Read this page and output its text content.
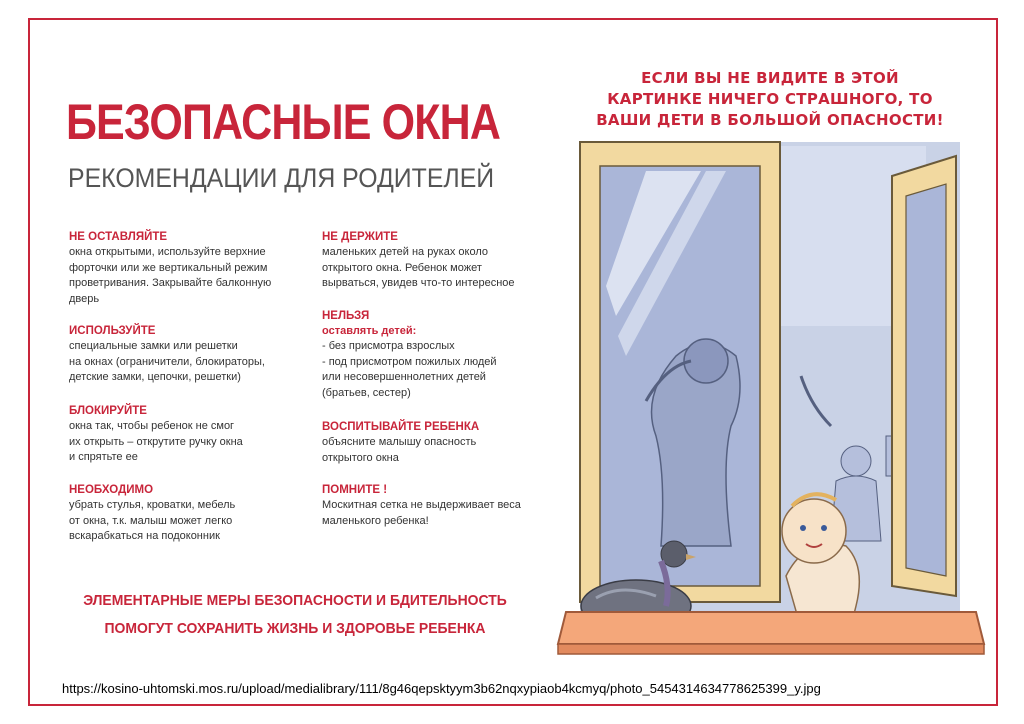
БЕЗОПАСНЫЕ ОКНА
РЕКОМЕНДАЦИИ ДЛЯ РОДИТЕЛЕЙ
НЕ ОСТАВЛЯЙТЕ
окна открытыми, используйте верхние
форточки или же вертикальный режим
проветривания. Закрывайте балконную
дверь
ИСПОЛЬЗУЙТЕ
специальные замки или решетки
на окнах (ограничители, блокираторы,
детские замки, цепочки, решетки)
БЛОКИРУЙТЕ
окна так, чтобы ребенок не смог
их открыть – открутите ручку окна
и спрятьте ее
НЕОБХОДИМО
убрать стулья, кроватки, мебель
от окна, т.к. малыш может легко
вскарабкаться на подоконник
НЕ ДЕРЖИТЕ
маленьких детей на руках около
открытого окна. Ребенок может
вырваться, увидев что-то интересное
НЕЛЬЗЯ
оставлять детей:
- без присмотра взрослых
- под присмотром пожилых людей
или несовершеннолетних детей
(братьев, сестер)
ВОСПИТЫВАЙТЕ РЕБЕНКА
объясните малышу опасность
открытого окна
ПОМНИТЕ !
Москитная сетка не выдерживает веса
маленького ребенка!
ЭЛЕМЕНТАРНЫЕ МЕРЫ БЕЗОПАСНОСТИ И БДИТЕЛЬНОСТЬ
ПОМОГУТ СОХРАНИТЬ ЖИЗНЬ И ЗДОРОВЬЕ РЕБЕНКА
ЕСЛИ ВЫ НЕ ВИДИТЕ В ЭТОЙ
КАРТИНКЕ НИЧЕГО СТРАШНОГО, ТО
ВАШИ ДЕТИ В БОЛЬШОЙ ОПАСНОСТИ!
https://kosino-uhtomski.mos.ru/upload/medialibrary/111/8g46qepsktyym3b62nqxypiaob4kcmyq/photo_5454314634778625399_y.jpg
